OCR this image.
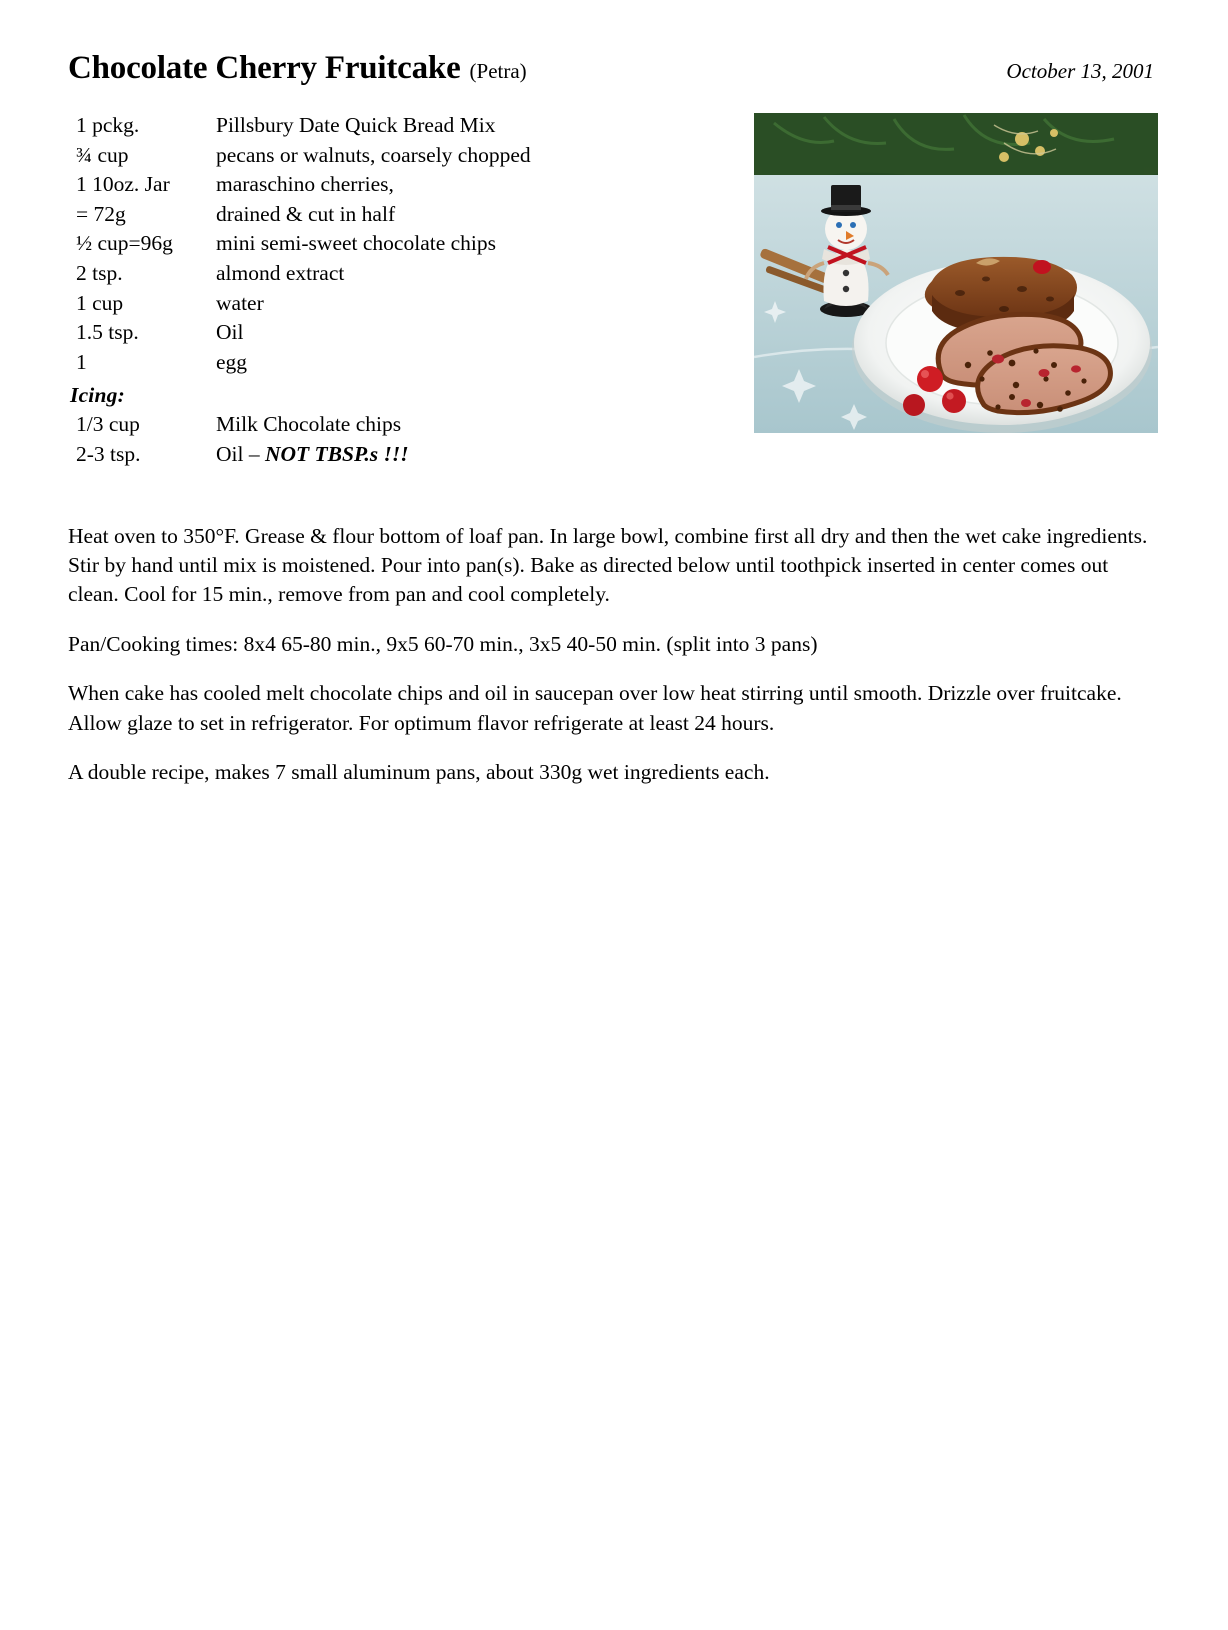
Chocolate Cherry Fruitcake (Petra)	October 13, 2001
1 pckg.	Pillsbury Date Quick Bread Mix
¾ cup	pecans or walnuts, coarsely chopped
1 10oz. Jar	maraschino cherries,
= 72g	drained & cut in half
½ cup=96g	mini semi-sweet chocolate chips
2 tsp.	almond extract
1 cup	water
1.5 tsp.	Oil
1	egg
Icing:
1/3 cup	Milk Chocolate chips
2-3 tsp.	Oil – NOT TBSP.s !!!

Heat oven to 350°F. Grease & flour bottom of loaf pan. In large bowl, combine first all dry and then the wet cake ingredients. Stir by hand until mix is moistened. Pour into pan(s). Bake as directed below until toothpick inserted in center comes out clean. Cool for 15 min., remove from pan and cool completely.

Pan/Cooking times: 8x4 65-80 min., 9x5 60-70 min., 3x5 40-50 min. (split into 3 pans)

When cake has cooled melt chocolate chips and oil in saucepan over low heat stirring until smooth. Drizzle over fruitcake. Allow glaze to set in refrigerator. For optimum flavor refrigerate at least 24 hours.

A double recipe, makes 7 small aluminum pans, about 330g wet ingredients each.
